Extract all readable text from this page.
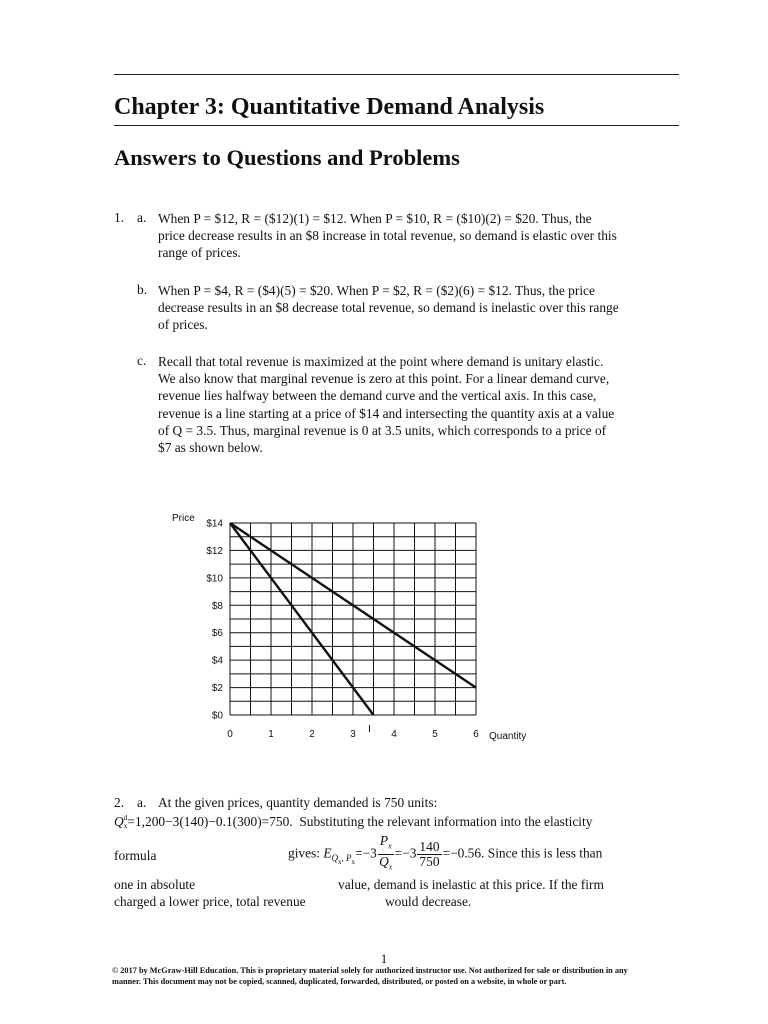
Chapter 3: Quantitative Demand Analysis
Answers to Questions and Problems
1. a. When P = $12, R = ($12)(1) = $12. When P = $10, R = ($10)(2) = $20. Thus, the
price decrease results in an $8 increase in total revenue, so demand is elastic over this
range of prices.
b. When P = $4, R = ($4)(5) = $20. When P = $2, R = ($2)(6) = $12. Thus, the price
decrease results in an $8 decrease total revenue, so demand is inelastic over this range
of prices.
c. Recall that total revenue is maximized at the point where demand is unitary elastic.
We also know that marginal revenue is zero at this point. For a linear demand curve,
revenue lies halfway between the demand curve and the vertical axis. In this case,
revenue is a line starting at a price of $14 and intersecting the quantity axis at a value
of Q = 3.5. Thus, marginal revenue is 0 at 3.5 units, which corresponds to a price of
$7 as shown below.
$0
$2
$4
$6
$8
$10
$12
$14
0	1	2	3	4	5	6
Price
Quantity
2. a. At the given prices, quantity demanded is 750 units:
Q d
x =1,200−3(140)−0.1(300)=750. Substituting the relevant information into the elasticity
formula	gives: $E_{Q_x, P_x}=-3 \frac{P_x}{Q_x} =-3 \frac{140}{750} =-0.56$. Since this is less than
one in absolute	value, demand is inelastic at this price. If the firm
charged a lower price, total revenue	would decrease.
1
© 2017 by McGraw-Hill Education. This is proprietary material solely for authorized instructor use. Not authorized for sale or distribution in any
manner. This document may not be copied, scanned, duplicated, forwarded, distributed, or posted on a website, in whole or part.
